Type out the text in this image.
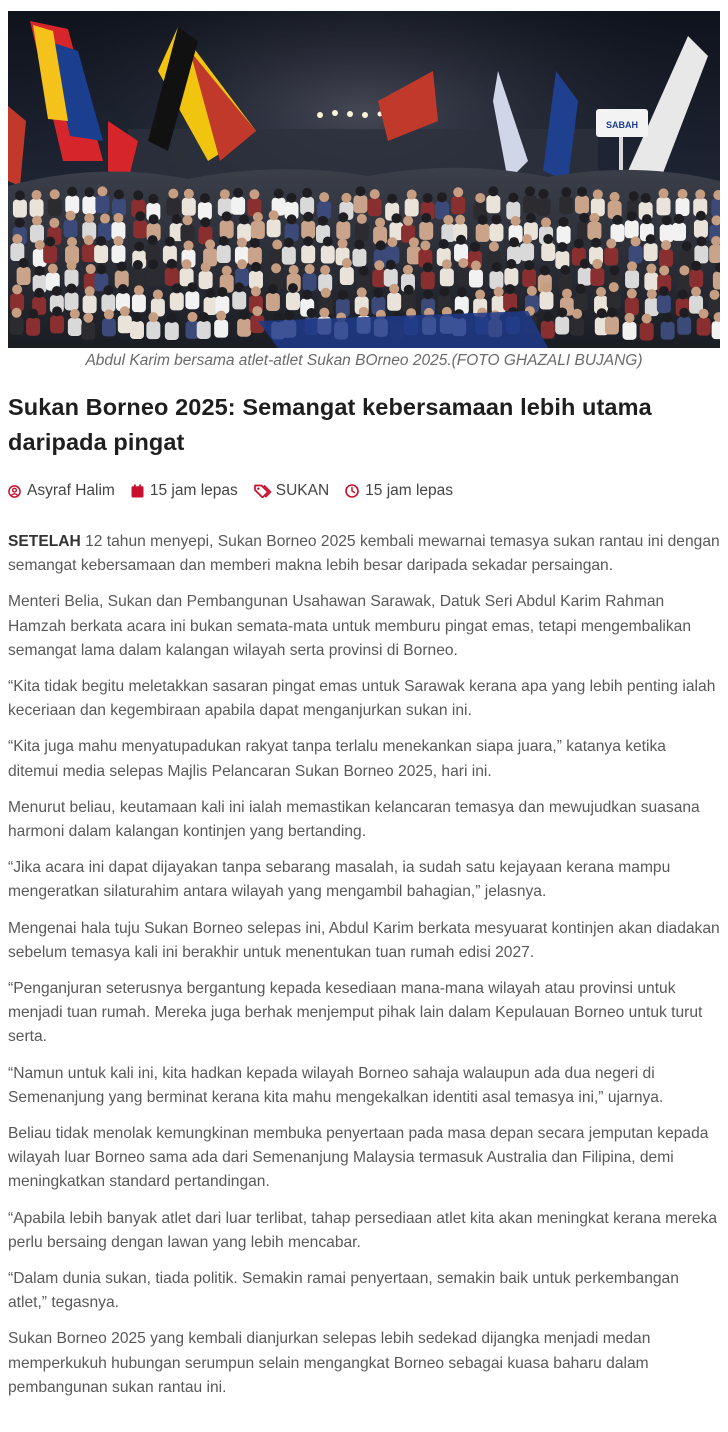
SABAH

Abdul Karim bersama atlet-atlet Sukan BOrneo 2025.(FOTO GHAZALI BUJANG)

Sukan Borneo 2025: Semangat kebersamaan lebih utama daripada pingat
Asyraf Halim 15 jam lepas SUKAN 15 jam lepas

SETELAH 12 tahun menyepi, Sukan Borneo 2025 kembali mewarnai temasya sukan rantau ini dengan semangat kebersamaan dan memberi makna lebih besar daripada sekadar persaingan.

Menteri Belia, Sukan dan Pembangunan Usahawan Sarawak, Datuk Seri Abdul Karim Rahman Hamzah berkata acara ini bukan semata-mata untuk memburu pingat emas, tetapi mengembalikan semangat lama dalam kalangan wilayah serta provinsi di Borneo.

“Kita tidak begitu meletakkan sasaran pingat emas untuk Sarawak kerana apa yang lebih penting ialah keceriaan dan kegembiraan apabila dapat menganjurkan sukan ini.

“Kita juga mahu menyatupadukan rakyat tanpa terlalu menekankan siapa juara,” katanya ketika ditemui media selepas Majlis Pelancaran Sukan Borneo 2025, hari ini.

Menurut beliau, keutamaan kali ini ialah memastikan kelancaran temasya dan mewujudkan suasana harmoni dalam kalangan kontinjen yang bertanding.

“Jika acara ini dapat dijayakan tanpa sebarang masalah, ia sudah satu kejayaan kerana mampu mengeratkan silaturahim antara wilayah yang mengambil bahagian,” jelasnya.

Mengenai hala tuju Sukan Borneo selepas ini, Abdul Karim berkata mesyuarat kontinjen akan diadakan sebelum temasya kali ini berakhir untuk menentukan tuan rumah edisi 2027.

“Penganjuran seterusnya bergantung kepada kesediaan mana-mana wilayah atau provinsi untuk menjadi tuan rumah. Mereka juga berhak menjemput pihak lain dalam Kepulauan Borneo untuk turut serta.

“Namun untuk kali ini, kita hadkan kepada wilayah Borneo sahaja walaupun ada dua negeri di Semenanjung yang berminat kerana kita mahu mengekalkan identiti asal temasya ini,” ujarnya.

Beliau tidak menolak kemungkinan membuka penyertaan pada masa depan secara jemputan kepada wilayah luar Borneo sama ada dari Semenanjung Malaysia termasuk Australia dan Filipina, demi meningkatkan standard pertandingan.

“Apabila lebih banyak atlet dari luar terlibat, tahap persediaan atlet kita akan meningkat kerana mereka perlu bersaing dengan lawan yang lebih mencabar.

“Dalam dunia sukan, tiada politik. Semakin ramai penyertaan, semakin baik untuk perkembangan atlet,” tegasnya.

Sukan Borneo 2025 yang kembali dianjurkan selepas lebih sedekad dijangka menjadi medan memperkukuh hubungan serumpun selain mengangkat Borneo sebagai kuasa baharu dalam pembangunan sukan rantau ini.
